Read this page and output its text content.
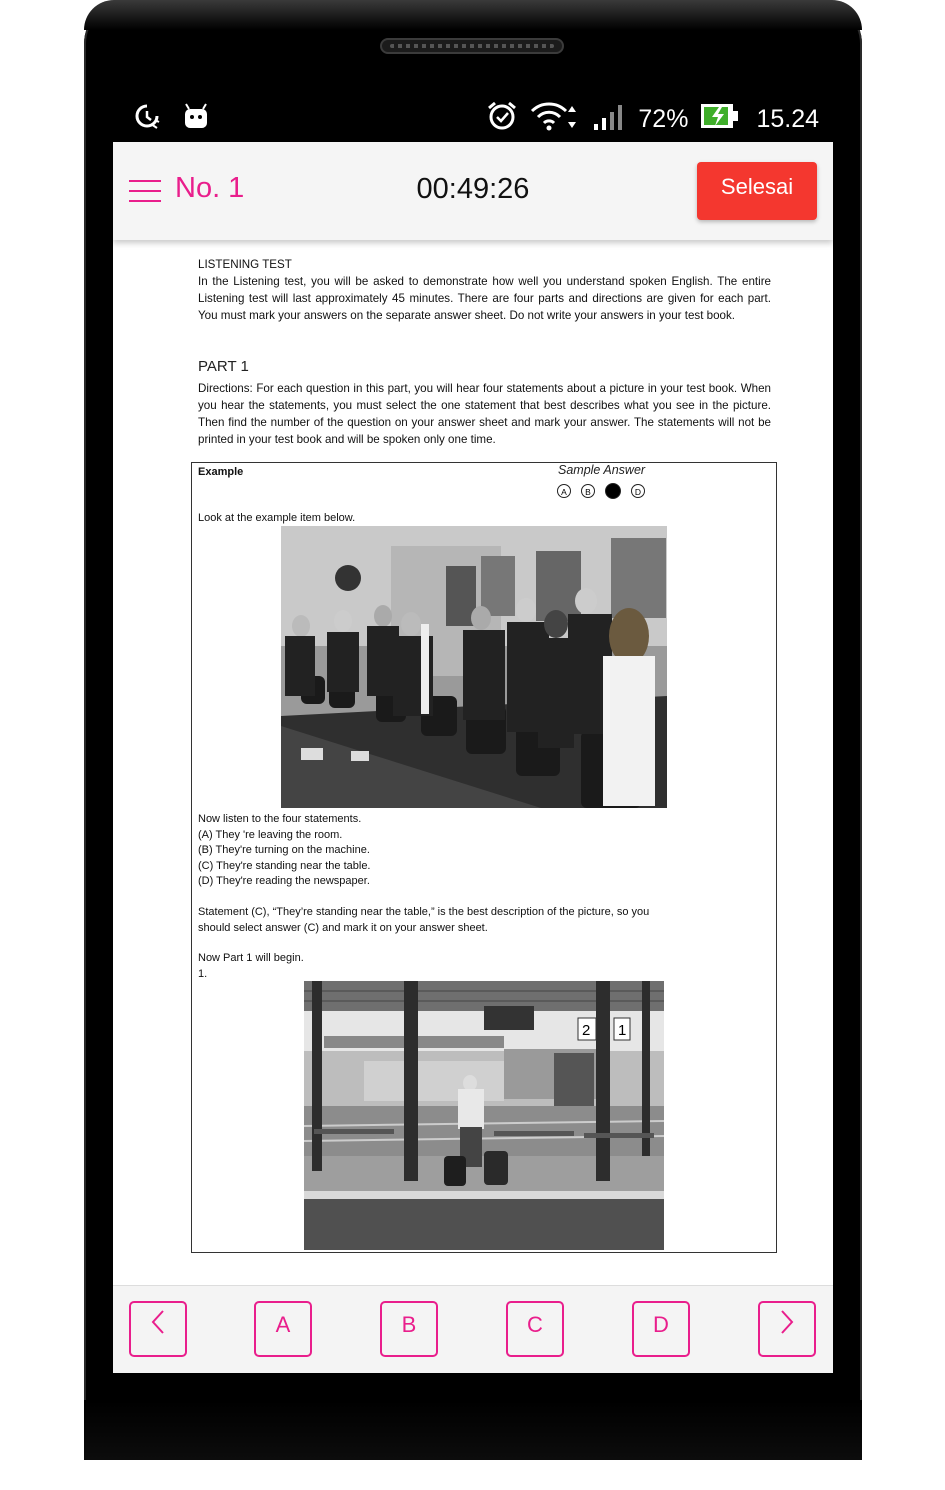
72%	15.24
No. 1	00:49:26	Selesai
LISTENING TEST
In the Listening test, you will be asked to demonstrate how well you understand spoken English. The entire Listening test will last approximately 45 minutes. There are four parts and directions are given for each part. You must mark your answers on the separate answer sheet. Do not write your answers in your test book.
PART 1
Directions: For each question in this part, you will hear four statements about a picture in your test book. When you hear the statements, you must select the one statement that best describes what you see in the picture. Then find the number of the question on your answer sheet and mark your answer. The statements will not be printed in your test book and will be spoken only one time.
Example	Sample Answer
A	B	D
Look at the example item below.
Now listen to the four statements.
(A) They 're leaving the room.
(B) They're turning on the machine.
(C) They're standing near the table.
(D) They're reading the newspaper.
Statement (C), “They’re standing near the table,” is the best description of the picture, so you
should select answer (C) and mark it on your answer sheet.
Now Part 1 will begin.
1.
2 1
A	B	C	D
